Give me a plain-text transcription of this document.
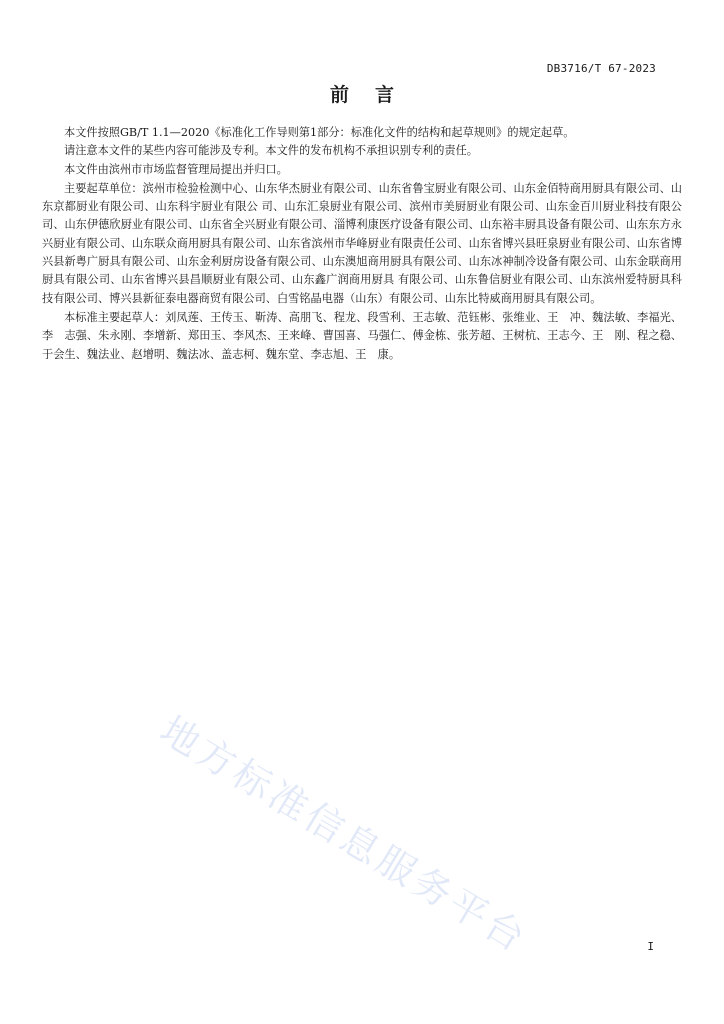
DB3716/T 67-2023
前言

本文件按照GB/T 1.1—2020《标准化工作导则第1部分：标准化文件的结构和起草规则》的规定起草。

请注意本文件的某些内容可能涉及专利。本文件的发布机构不承担识别专利的责任。

本文件由滨州市市场监督管理局提出并归口。

主要起草单位：滨州市检验检测中心、山东华杰厨业有限公司、山东省鲁宝厨业有限公司、山东金佰特商用厨具有限公司、山东京都厨业有限公司、山东科宇厨业有限公 司、山东汇泉厨业有限公司、滨州市美厨厨业有限公司、山东金百川厨业科技有限公司、山东伊德欣厨业有限公司、山东省全兴厨业有限公司、淄博利康医疗设备有限公司、山东裕丰厨具设备有限公司、山东东方永兴厨业有限公司、山东联众商用厨具有限公司、山东省滨州市华峰厨业有限责任公司、山东省博兴县旺泉厨业有限公司、山东省博兴县新粤广厨具有限公司、山东金利厨房设备有限公司、山东澳旭商用厨具有限公司、山东冰神制冷设备有限公司、山东金联商用厨具有限公司、山东省博兴县昌顺厨业有限公司、山东鑫广润商用厨具 有限公司、山东鲁信厨业有限公司、山东滨州爱特厨具科技有限公司、博兴县新征泰电器商贸有限公司、白雪铭晶电器（山东）有限公司、山东比特威商用厨具有限公司。

本标准主要起草人：刘凤莲、王传玉、靳涛、高朋飞、程龙、段雪利、王志敏、范钰彬、张维业、王　冲、魏法敏、李福光、李　志强、朱永刚、李增新、郑田玉、李风杰、王来峰、曹国喜、马强仁、傅金栋、张芳超、王树杭、王志今、王　刚、程之稳、于会生、魏法业、赵增明、魏法冰、盖志柯、魏东堂、李志旭、王　康。

地方标准信息服务平台	I
